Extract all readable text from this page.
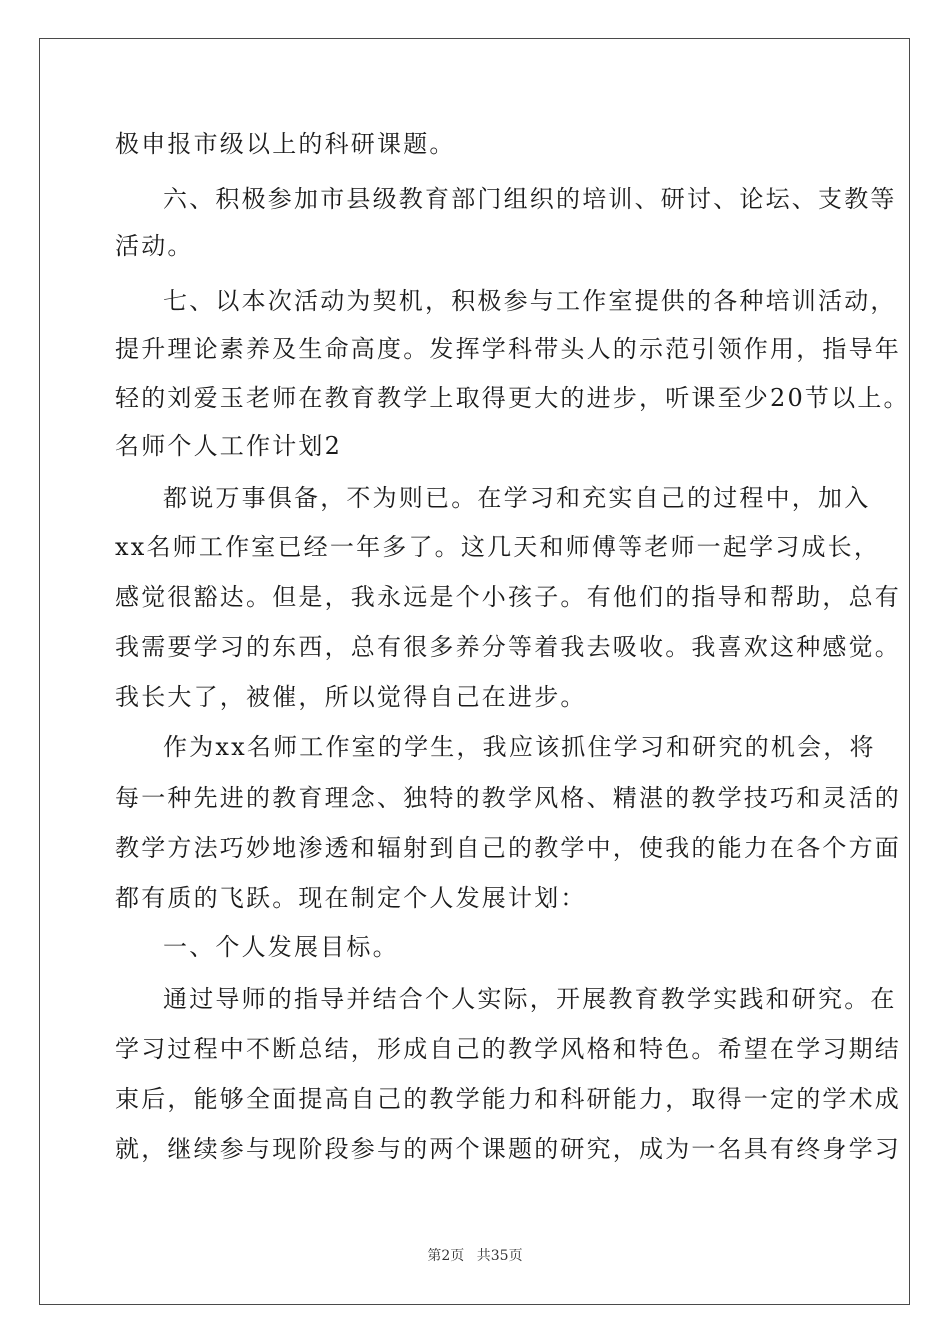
极申报市级以上的科研课题。
六、积极参加市县级教育部门组织的培训、研讨、论坛、支教等
活动。
七、以本次活动为契机，积极参与工作室提供的各种培训活动，
提升理论素养及生命高度。发挥学科带头人的示范引领作用，指导年
轻的刘爱玉老师在教育教学上取得更大的进步，听课至少20节以上。
名师个人工作计划2
都说万事俱备，不为则已。在学习和充实自己的过程中，加入
xx名师工作室已经一年多了。这几天和师傅等老师一起学习成长，
感觉很豁达。但是，我永远是个小孩子。有他们的指导和帮助，总有
我需要学习的东西，总有很多养分等着我去吸收。我喜欢这种感觉。
我长大了，被催，所以觉得自己在进步。
作为xx名师工作室的学生，我应该抓住学习和研究的机会，将
每一种先进的教育理念、独特的教学风格、精湛的教学技巧和灵活的
教学方法巧妙地渗透和辐射到自己的教学中，使我的能力在各个方面
都有质的飞跃。现在制定个人发展计划：
一、个人发展目标。
通过导师的指导并结合个人实际，开展教育教学实践和研究。在
学习过程中不断总结，形成自己的教学风格和特色。希望在学习期结
束后，能够全面提高自己的教学能力和科研能力，取得一定的学术成
就，继续参与现阶段参与的两个课题的研究，成为一名具有终身学习
第2页 共35页
